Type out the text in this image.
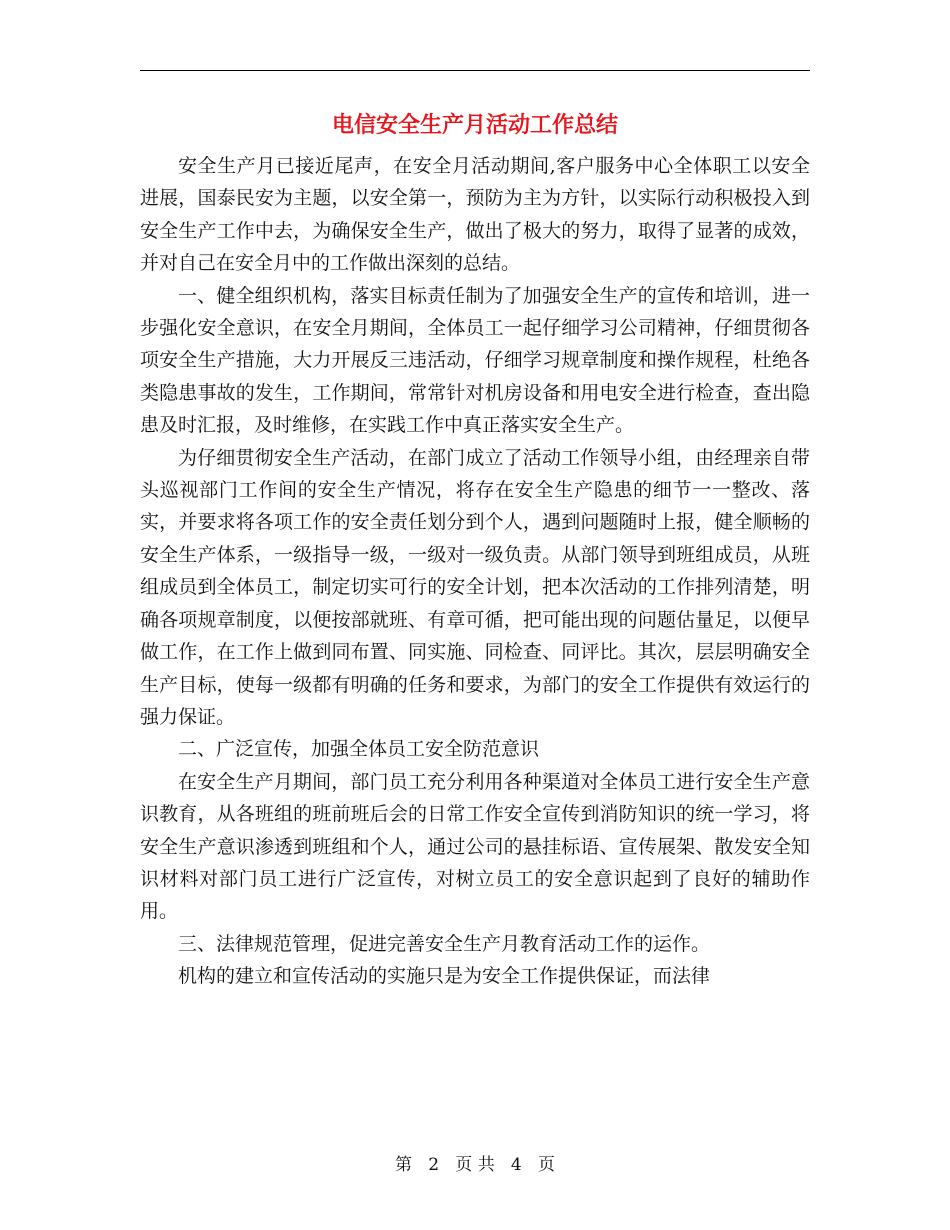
电信安全生产月活动工作总结

安全生产月已接近尾声，在安全月活动期间,客户服务中心全体职工以安全进展，国泰民安为主题，以安全第一，预防为主为方针，以实际行动积极投入到安全生产工作中去，为确保安全生产，做出了极大的努力，取得了显著的成效，并对自己在安全月中的工作做出深刻的总结。

一、健全组织机构，落实目标责任制为了加强安全生产的宣传和培训，进一步强化安全意识，在安全月期间，全体员工一起仔细学习公司精神，仔细贯彻各项安全生产措施，大力开展反三违活动，仔细学习规章制度和操作规程，杜绝各类隐患事故的发生，工作期间，常常针对机房设备和用电安全进行检查，查出隐患及时汇报，及时维修，在实践工作中真正落实安全生产。

为仔细贯彻安全生产活动，在部门成立了活动工作领导小组，由经理亲自带头巡视部门工作间的安全生产情况，将存在安全生产隐患的细节一一整改、落实，并要求将各项工作的安全责任划分到个人，遇到问题随时上报，健全顺畅的安全生产体系，一级指导一级，一级对一级负责。从部门领导到班组成员，从班组成员到全体员工，制定切实可行的安全计划，把本次活动的工作排列清楚，明确各项规章制度，以便按部就班、有章可循，把可能出现的问题估量足，以便早做工作，在工作上做到同布置、同实施、同检查、同评比。其次，层层明确安全生产目标，使每一级都有明确的任务和要求，为部门的安全工作提供有效运行的强力保证。

二、广泛宣传，加强全体员工安全防范意识

在安全生产月期间，部门员工充分利用各种渠道对全体员工进行安全生产意识教育，从各班组的班前班后会的日常工作安全宣传到消防知识的统一学习，将安全生产意识渗透到班组和个人，通过公司的悬挂标语、宣传展架、散发安全知识材料对部门员工进行广泛宣传，对树立员工的安全意识起到了良好的辅助作用。

三、法律规范管理，促进完善安全生产月教育活动工作的运作。

机构的建立和宣传活动的实施只是为安全工作提供保证，而法律

第 2 页 共 4 页
